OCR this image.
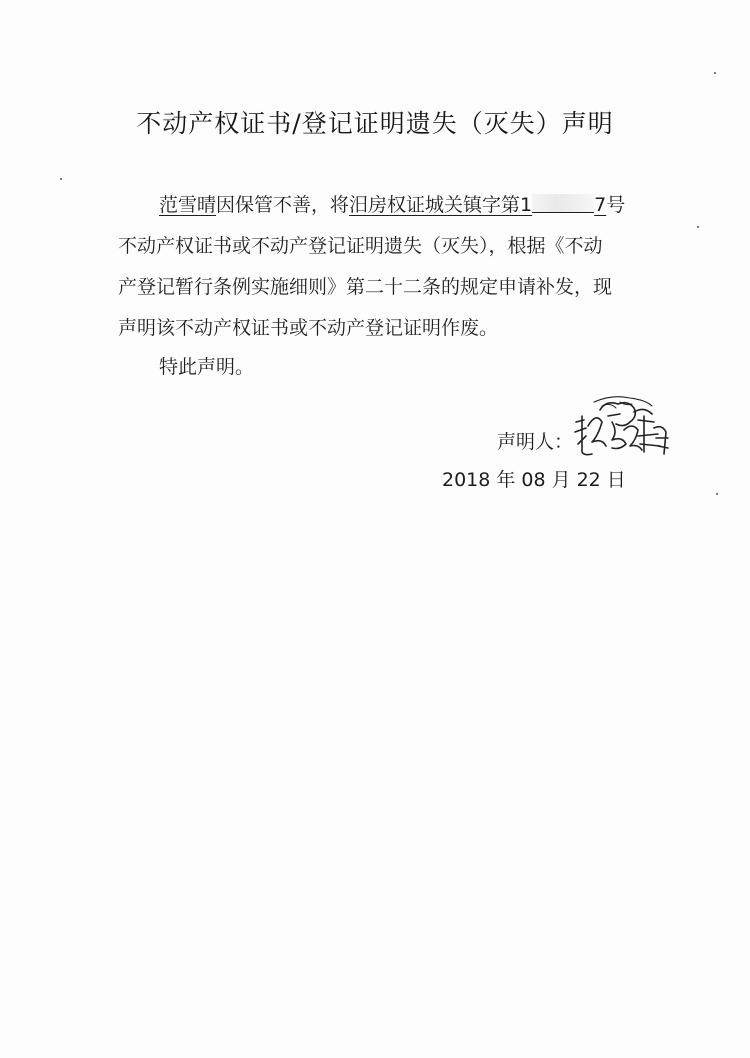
不动产权证书/登记证明遗失（灭失）声明
范雪晴因保管不善，将汨房权证城关镇字第1	7号
不动产权证书或不动产登记证明遗失（灭失），根据《不动
产登记暂行条例实施细则》第二十二条的规定申请补发，现
声明该不动产权证书或不动产登记证明作废。
特此声明。
声明人：
2018 年 08 月 22 日
